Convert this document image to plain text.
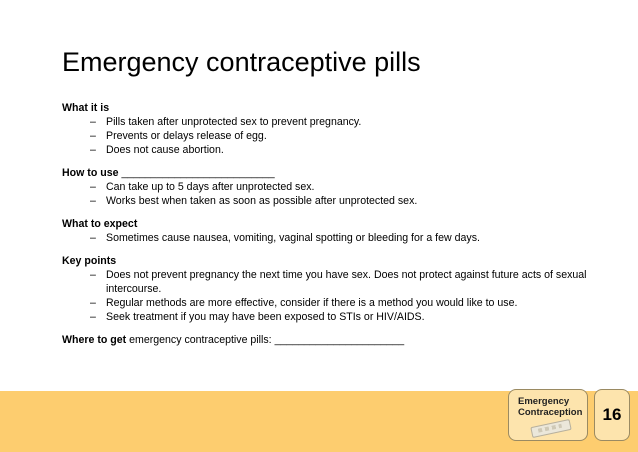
Emergency contraceptive pills
What it is
– Pills taken after unprotected sex to prevent pregnancy.
– Prevents or delays release of egg.
– Does not cause abortion.
How to use __________________________
– Can take up to 5 days after unprotected sex.
– Works best when taken as soon as possible after unprotected sex.
What to expect
– Sometimes cause nausea, vomiting, vaginal spotting or bleeding for a few days.
Key points
– Does not prevent pregnancy the next time you have sex. Does not protect against future acts of sexual intercourse.
– Regular methods are more effective, consider if there is a method you would like to use.
– Seek treatment if you may have been exposed to STIs or HIV/AIDS.
Where to get emergency contraceptive pills: ______________________
Emergency
Contraception 16
